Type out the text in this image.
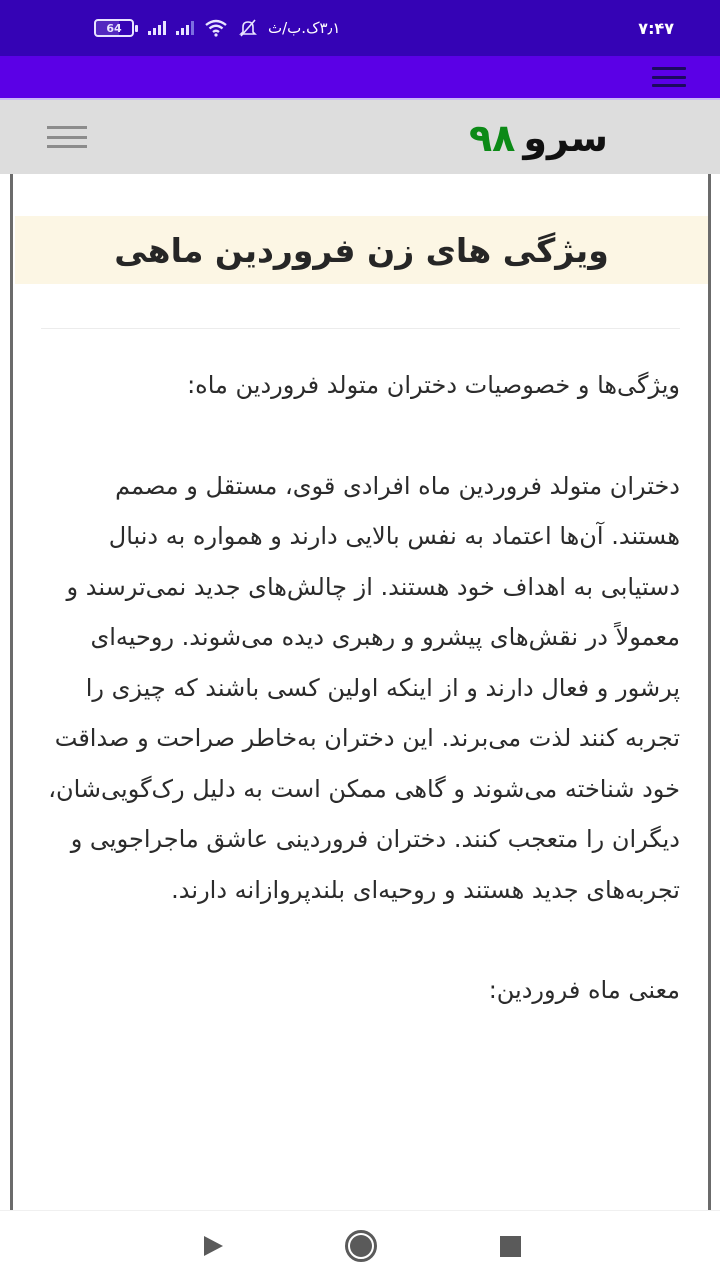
64	۳٫۱ک.ب/ث	۷:۴۷
سرو۹۸
ویژگی های زن فروردین ماهی

ویژگی‌ها و خصوصیات دختران متولد فروردین ماه:

دختران متولد فروردین ماه افرادی قوی، مستقل و مصمم هستند. آن‌ها اعتماد به نفس بالایی دارند و همواره به دنبال دستیابی به اهداف خود هستند. از چالش‌های جدید نمی‌ترسند و معمولاً در نقش‌های پیشرو و رهبری دیده می‌شوند. روحیه‌ای پرشور و فعال دارند و از اینکه اولین کسی باشند که چیزی را تجربه کنند لذت می‌برند. این دختران به‌خاطر صراحت و صداقت خود شناخته می‌شوند و گاهی ممکن است به دلیل رک‌گویی‌شان، دیگران را متعجب کنند. دختران فروردینی عاشق ماجراجویی و تجربه‌های جدید هستند و روحیه‌ای بلندپروازانه دارند.

معنی ماه فروردین:
